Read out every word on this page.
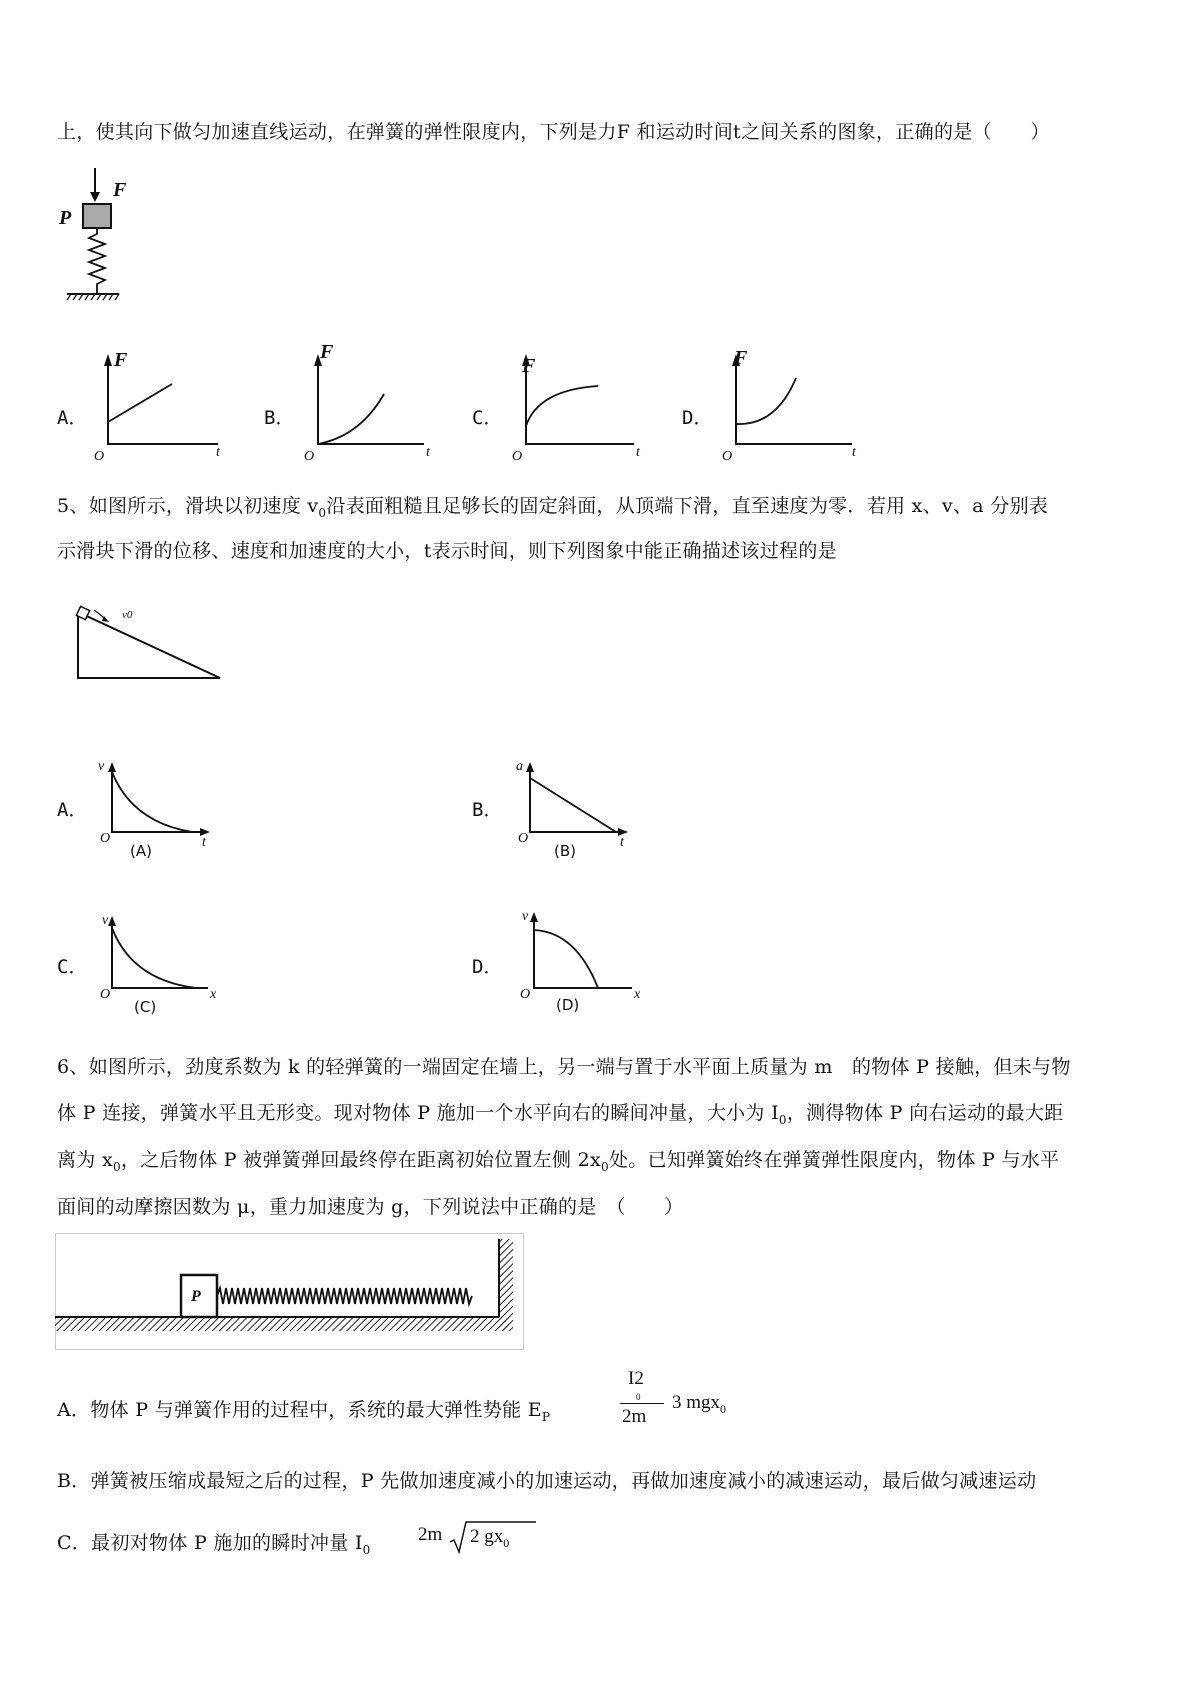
上，使其向下做匀加速直线运动，在弹簧的弹性限度内，下列是力F 和运动时间t之间关系的图象，正确的是（　　）
P
F
A．
F
t
O
B．
F
t
O
C．
F
t
O
D．
F
t
O
5、如图所示，滑块以初速度 $v_0$沿表面粗糙且足够长的固定斜面，从顶端下滑，直至速度为零．若用 x、v、a 分别表
示滑块下滑的位移、速度和加速度的大小，t表示时间，则下列图象中能正确描述该过程的是
v0
A．
v
t
O
(A)
B．
a
t
O
(B)
C．
v
x
O
(C)
D．
v
x
O
(D)
6、如图所示，劲度系数为 k 的轻弹簧的一端固定在墙上，另一端与置于水平面上质量为 m　的物体 P 接触，但未与物
体 P 连接，弹簧水平且无形变。现对物体 P 施加一个水平向右的瞬间冲量，大小为 $I_0$，测得物体 P 向右运动的最大距
离为 $x_0$，之后物体 P 被弹簧弹回最终停在距离初始位置左侧 $2x_0$处。已知弹簧始终在弹簧弹性限度内，物体 P 与水平
面间的动摩擦因数为 μ，重力加速度为 g，下列说法中正确的是　（　　）
P
A．物体 P 与弹簧作用的过程中，系统的最大弹性势能 $E_P$
I2
0
2m
3 mgx$_0$
B．弹簧被压缩成最短之后的过程，P 先做加速度减小的加速运动，再做加速度减小的减速运动，最后做匀减速运动
C．最初对物体 P 施加的瞬时冲量 $I_0$
2m 2 $gx_0$
